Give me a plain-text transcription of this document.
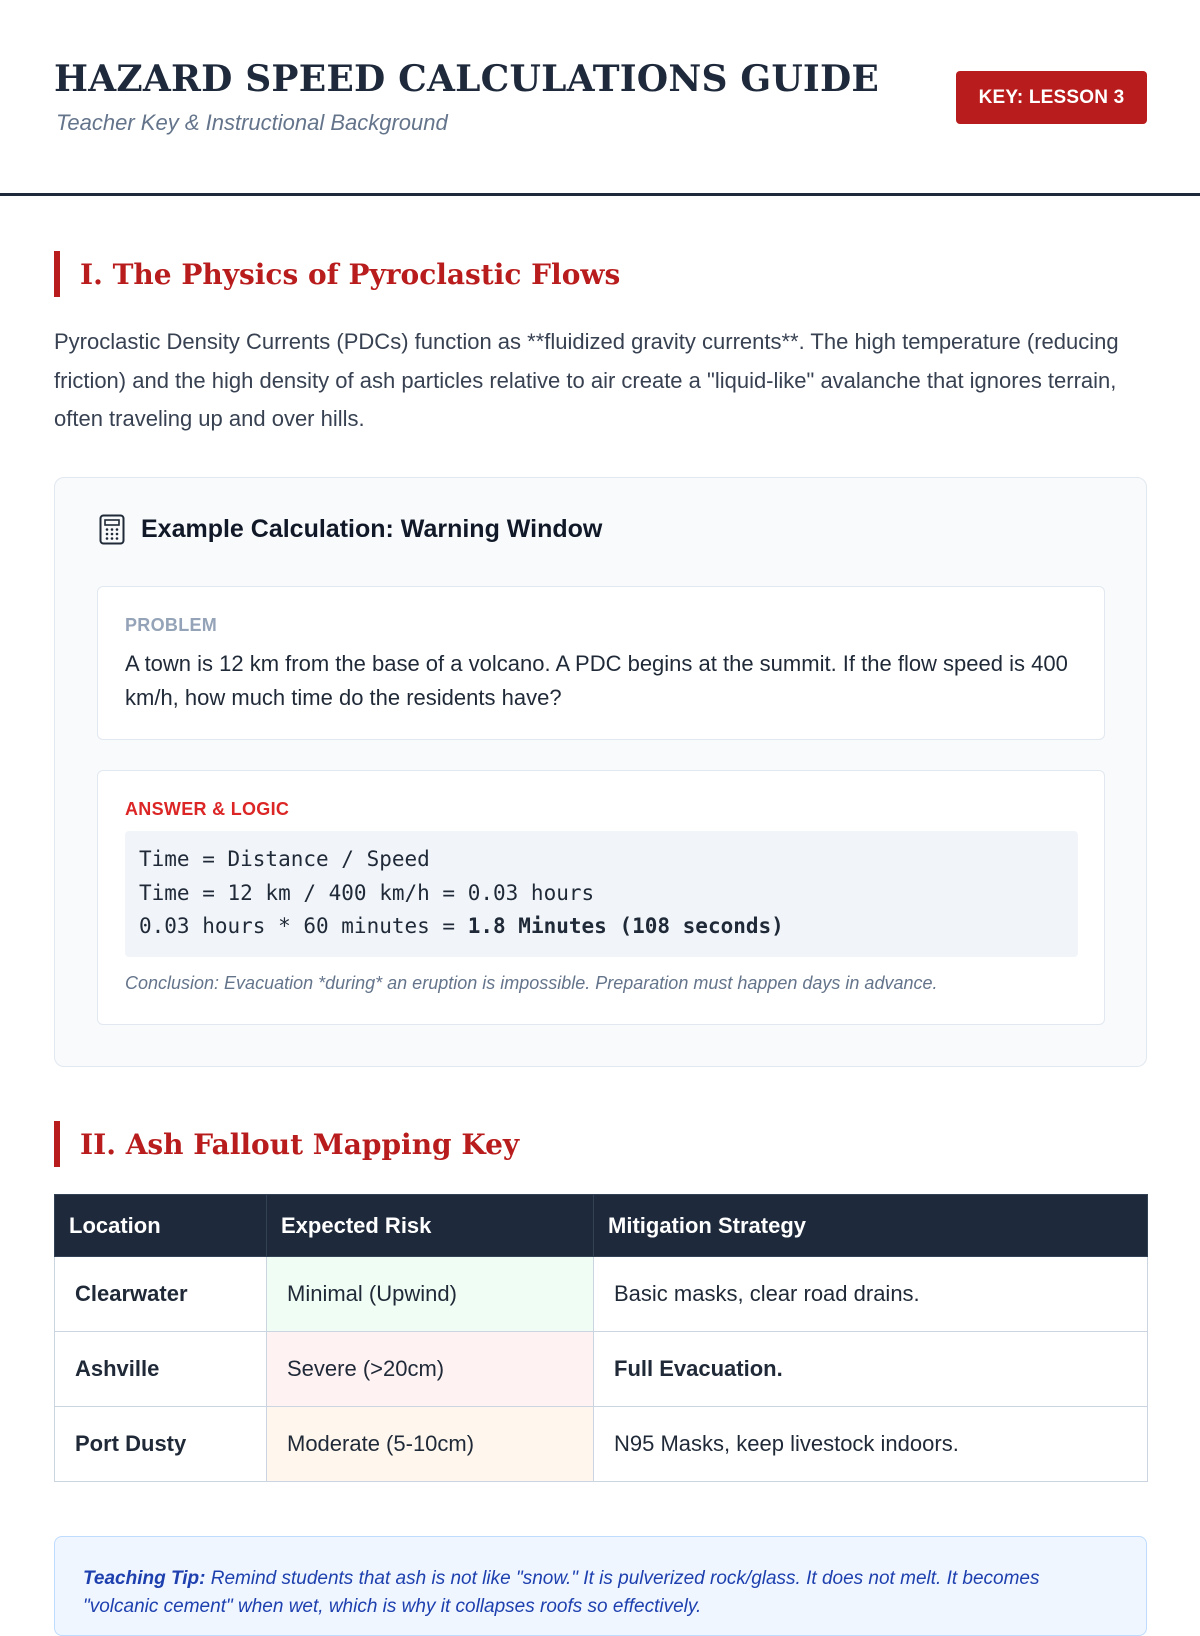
HAZARD SPEED CALCULATIONS GUIDE
Teacher Key & Instructional Background
KEY: LESSON 3
I. The Physics of Pyroclastic Flows

Pyroclastic Density Currents (PDCs) function as **fluidized gravity currents**. The high temperature (reducing friction) and the high density of ash particles relative to air create a "liquid-like" avalanche that ignores terrain, often traveling up and over hills.

Example Calculation: Warning Window
PROBLEM
A town is 12 km from the base of a volcano. A PDC begins at the summit. If the flow speed is 400 km/h, how much time do the residents have?
ANSWER & LOGIC
Time = Distance / Speed
Time = 12 km / 400 km/h = 0.03 hours
0.03 hours * 60 minutes = 1.8 Minutes (108 seconds)
Conclusion: Evacuation *during* an eruption is impossible. Preparation must happen days in advance.
II. Ash Fallout Mapping Key
Location	Expected Risk	Mitigation Strategy
Clearwater	Minimal (Upwind)	Basic masks, clear road drains.
Ashville	Severe (>20cm)	Full Evacuation.
Port Dusty	Moderate (5-10cm)	N95 Masks, keep livestock indoors.

Teaching Tip: Remind students that ash is not like "snow." It is pulverized rock/glass. It does not melt. It becomes "volcanic cement" when wet, which is why it collapses roofs so effectively.
